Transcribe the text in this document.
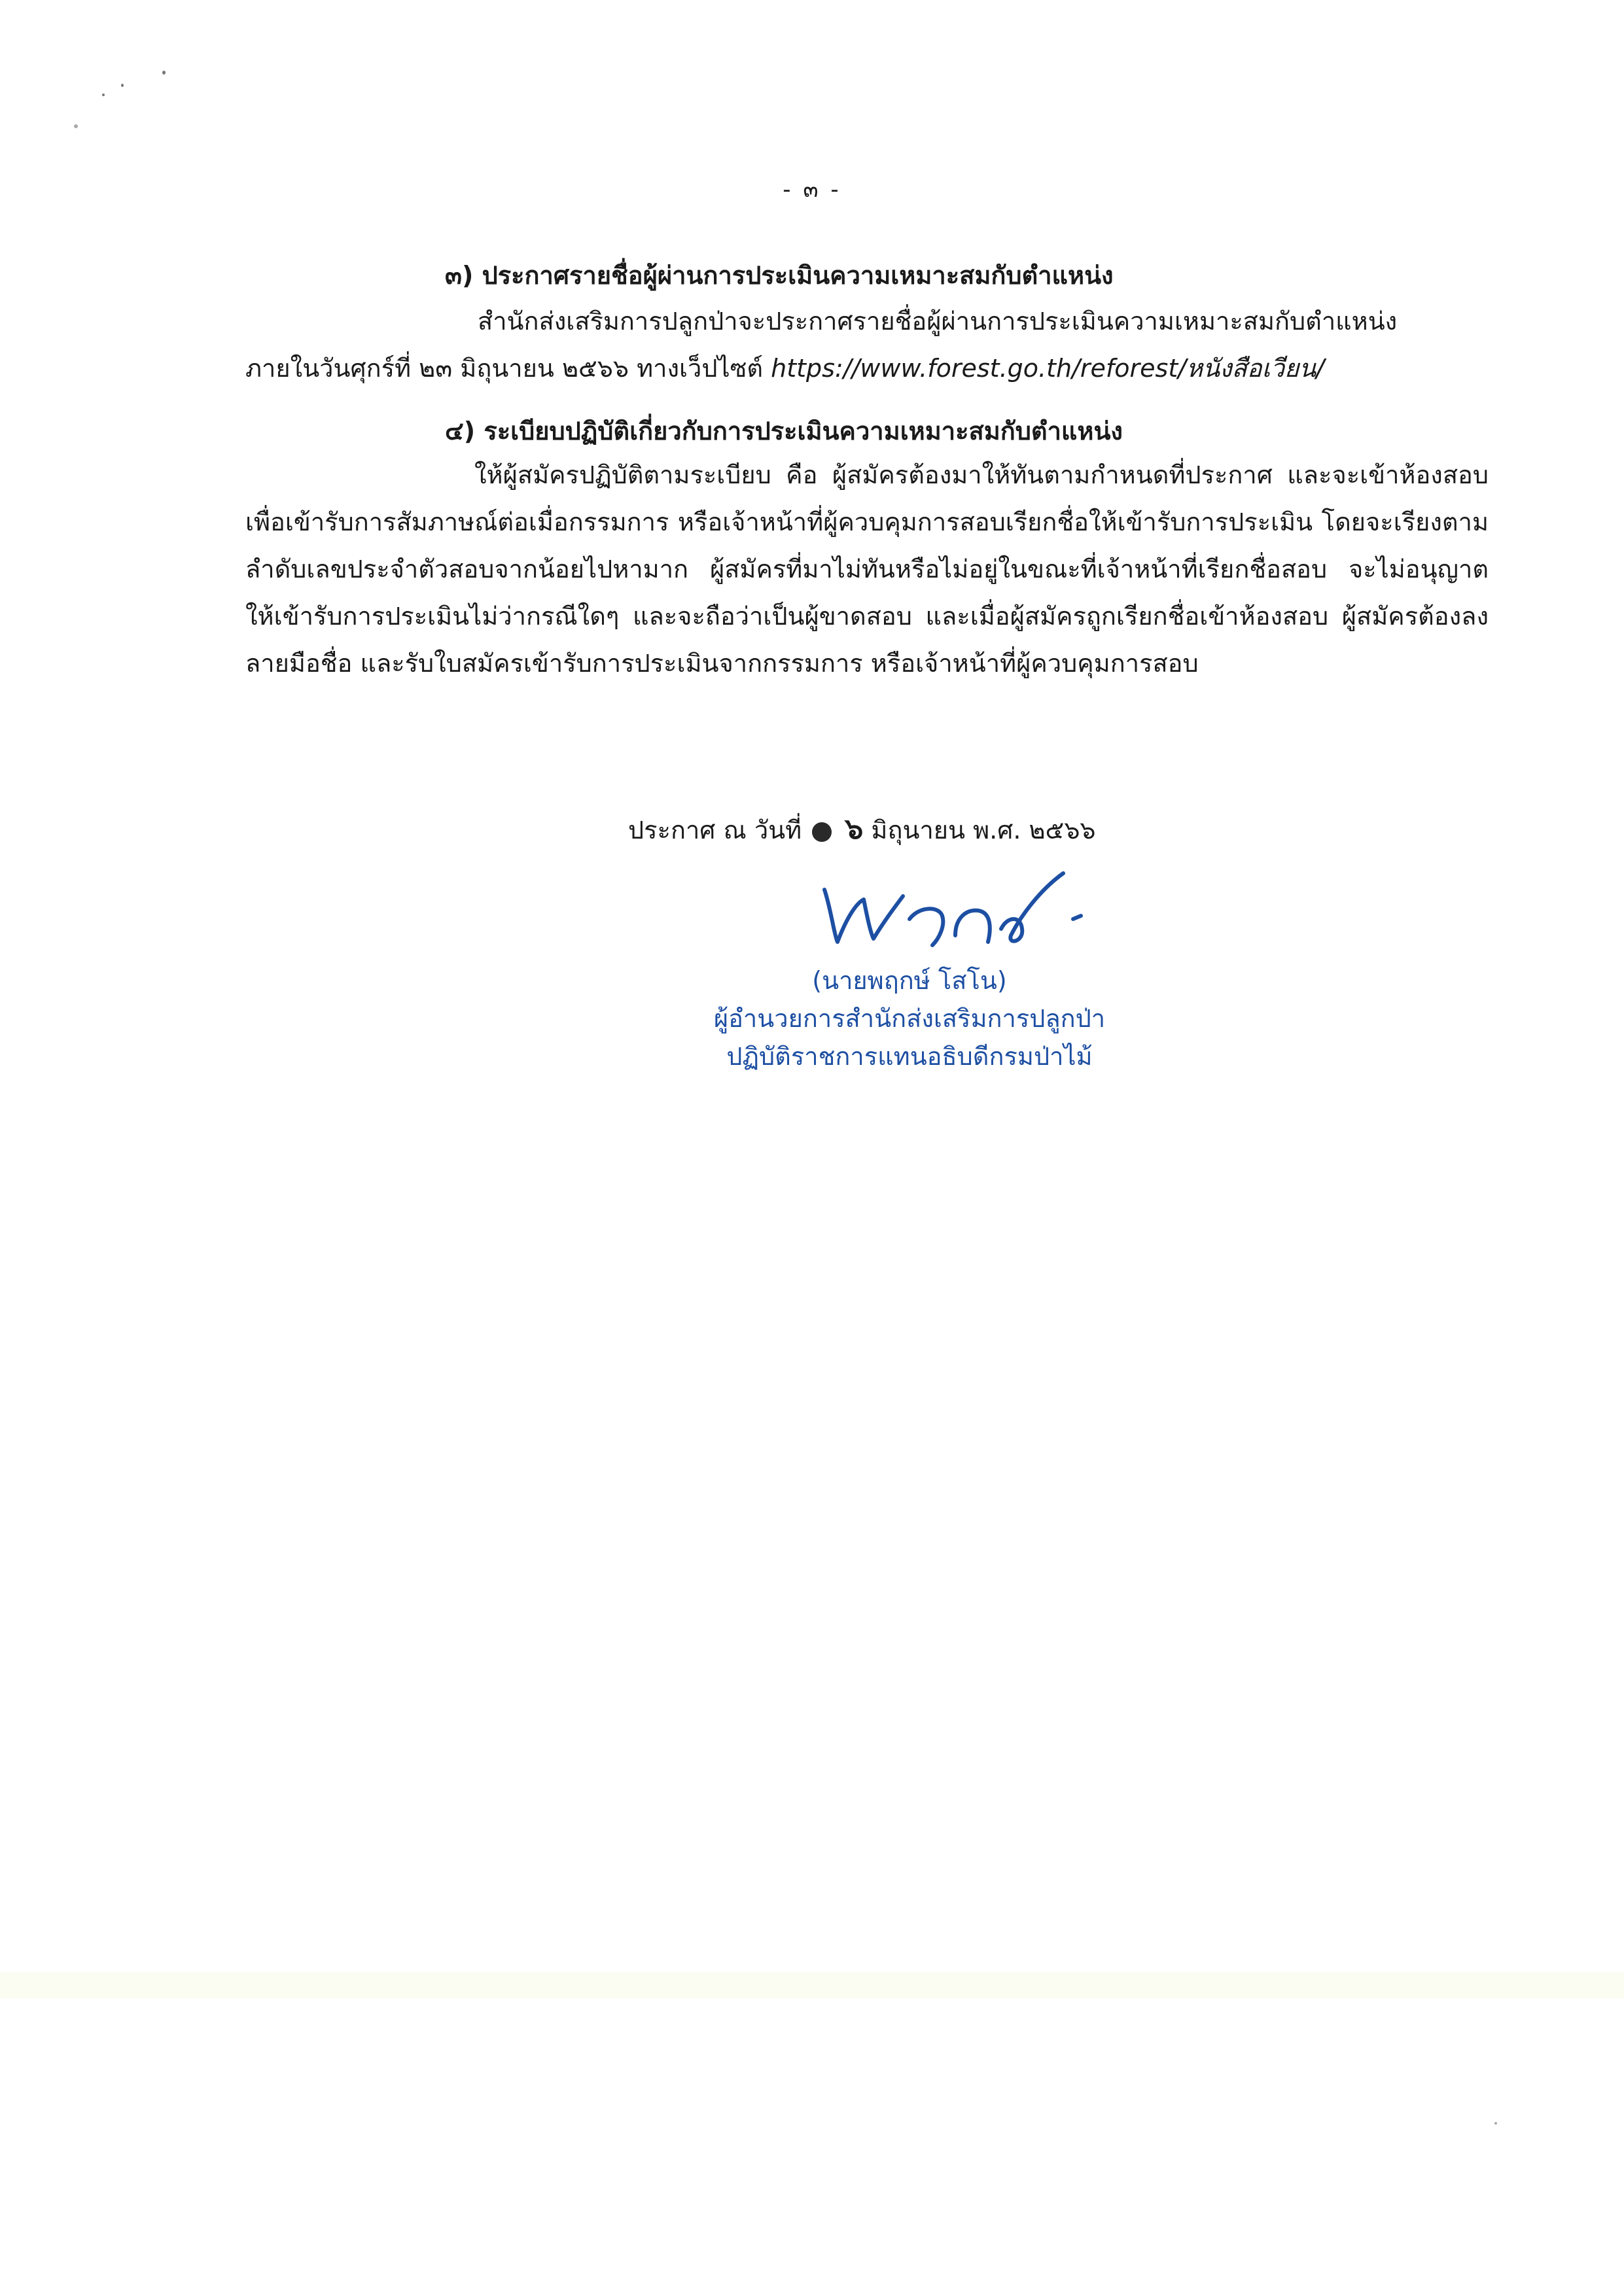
- ๓ -
๓) ประกาศรายชื่อผู้ผ่านการประเมินความเหมาะสมกับตำแหน่ง
สำนักส่งเสริมการปลูกป่าจะประกาศรายชื่อผู้ผ่านการประเมินความเหมาะสมกับตำแหน่ง
ภายในวันศุกร์ที่ ๒๓ มิถุนายน ๒๕๖๖ ทางเว็ปไซต์ https://www.forest.go.th/reforest/หนังสือเวียน/
๔) ระเบียบปฏิบัติเกี่ยวกับการประเมินความเหมาะสมกับตำแหน่ง
ให้ผู้สมัครปฏิบัติตามระเบียบ คือ ผู้สมัครต้องมาให้ทันตามกำหนดที่ประกาศ และจะเข้าห้องสอบเพื่อเข้ารับการสัมภาษณ์ต่อเมื่อกรรมการ หรือเจ้าหน้าที่ผู้ควบคุมการสอบเรียกชื่อให้เข้ารับการประเมิน โดยจะเรียงตามลำดับเลขประจำตัวสอบจากน้อยไปหามาก ผู้สมัครที่มาไม่ทันหรือไม่อยู่ในขณะที่เจ้าหน้าที่เรียกชื่อสอบ จะไม่อนุญาตให้เข้ารับการประเมินไม่ว่ากรณีใดๆ และจะถือว่าเป็นผู้ขาดสอบ และเมื่อผู้สมัครถูกเรียกชื่อเข้าห้องสอบ ผู้สมัครต้องลงลายมือชื่อ และรับใบสมัครเข้ารับการประเมินจากกรรมการ หรือเจ้าหน้าที่ผู้ควบคุมการสอบ
ประกาศ ณ วันที่ ๖ มิถุนายน พ.ศ. ๒๕๖๖
(นายพฤกษ์ โสโน)
ผู้อำนวยการสำนักส่งเสริมการปลูกป่า
ปฏิบัติราชการแทนอธิบดีกรมป่าไม้
